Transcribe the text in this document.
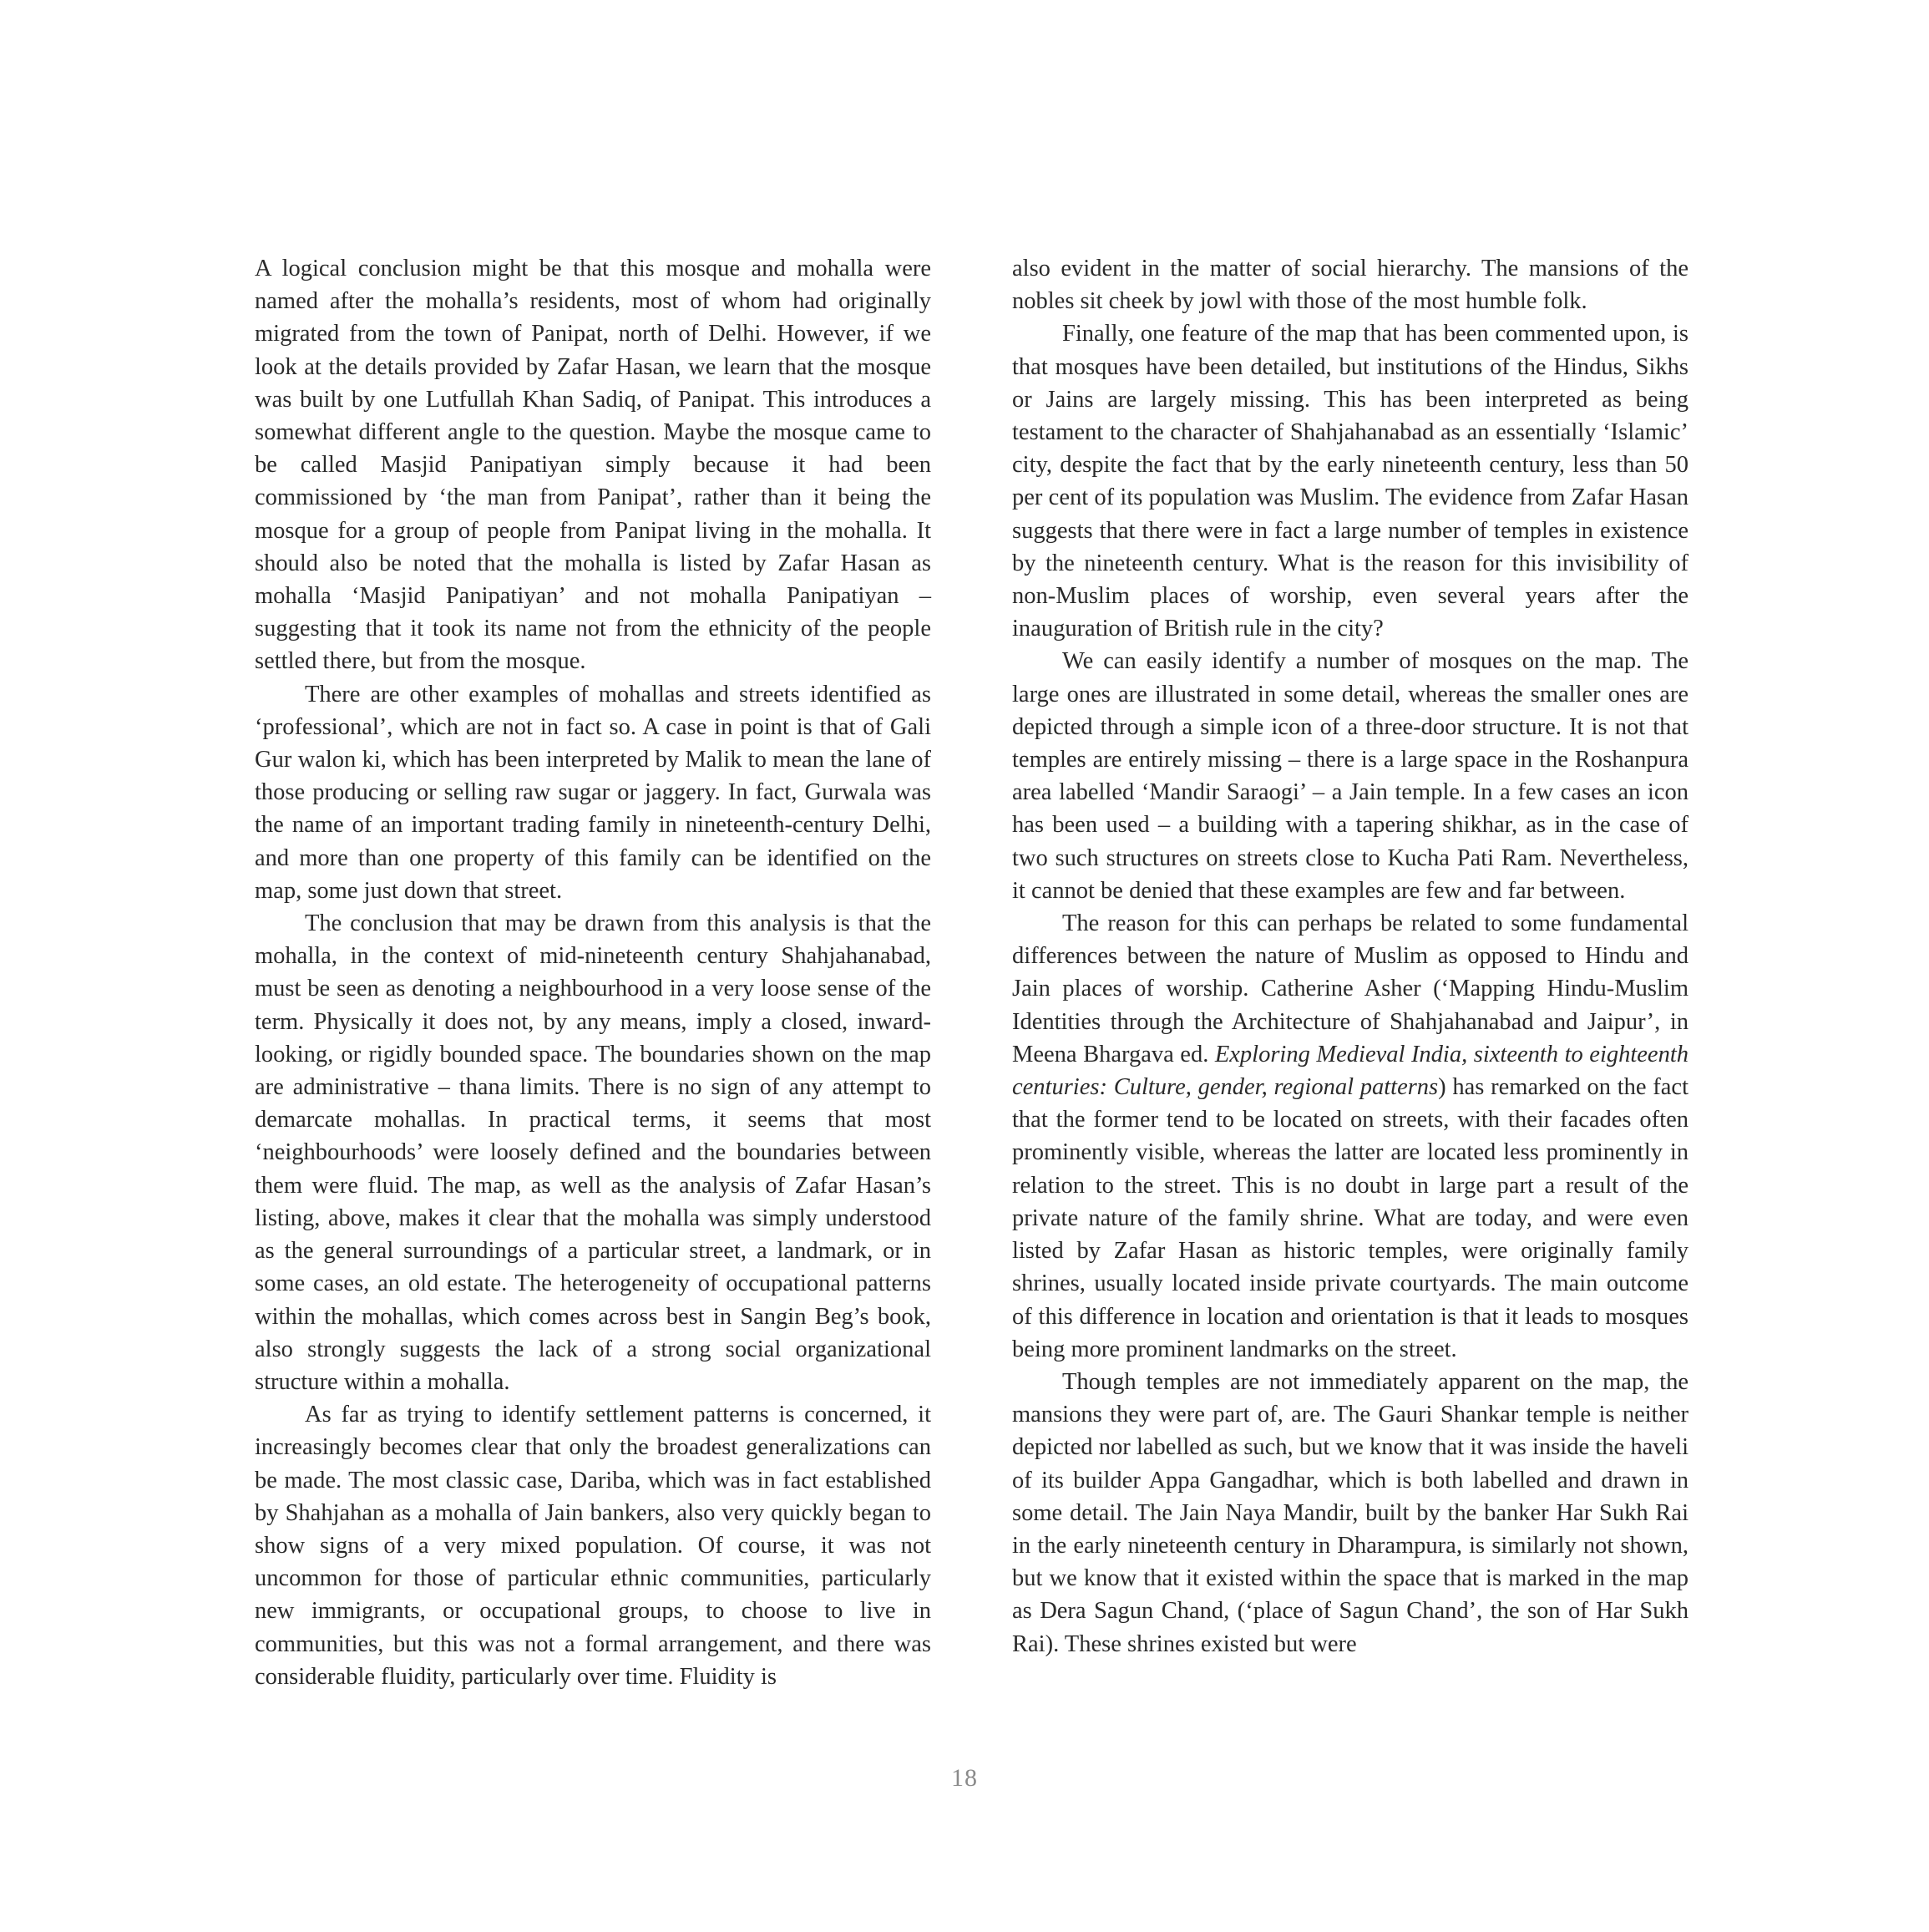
A logical conclusion might be that this mosque and mohalla were named after the mohalla’s residents, most of whom had originally migrated from the town of Panipat, north of Delhi. However, if we look at the details provided by Zafar Hasan, we learn that the mosque was built by one Lutfullah Khan Sadiq, of Panipat. This introduces a somewhat different angle to the question. Maybe the mosque came to be called Masjid Panipatiyan simply because it had been commissioned by ‘the man from Panipat’, rather than it being the mosque for a group of people from Panipat living in the mohalla. It should also be noted that the mohalla is listed by Zafar Hasan as mohalla ‘Masjid Panipatiyan’ and not mohalla Panipatiyan – suggesting that it took its name not from the ethnicity of the people settled there, but from the mosque.

There are other examples of mohallas and streets identified as ‘professional’, which are not in fact so. A case in point is that of Gali Gur walon ki, which has been interpreted by Malik to mean the lane of those producing or selling raw sugar or jaggery. In fact, Gurwala was the name of an important trading family in nineteenth-century Delhi, and more than one property of this family can be identified on the map, some just down that street.

The conclusion that may be drawn from this analysis is that the mohalla, in the context of mid-nineteenth century Shahjahanabad, must be seen as denoting a neighbourhood in a very loose sense of the term. Physically it does not, by any means, imply a closed, inward-looking, or rigidly bounded space. The boundaries shown on the map are administrative – thana limits. There is no sign of any attempt to demarcate mohallas. In practical terms, it seems that most ‘neighbourhoods’ were loosely defined and the boundaries between them were fluid. The map, as well as the analysis of Zafar Hasan’s listing, above, makes it clear that the mohalla was simply understood as the general surroundings of a particular street, a landmark, or in some cases, an old estate. The heterogeneity of occupational patterns within the mohallas, which comes across best in Sangin Beg’s book, also strongly suggests the lack of a strong social organizational structure within a mohalla.

As far as trying to identify settlement patterns is concerned, it increasingly becomes clear that only the broadest generalizations can be made. The most classic case, Dariba, which was in fact established by Shahjahan as a mohalla of Jain bankers, also very quickly began to show signs of a very mixed population. Of course, it was not uncommon for those of particular ethnic communities, particularly new immigrants, or occupational groups, to choose to live in communities, but this was not a formal arrangement, and there was considerable fluidity, particularly over time. Fluidity is

also evident in the matter of social hierarchy. The mansions of the nobles sit cheek by jowl with those of the most humble folk.

Finally, one feature of the map that has been commented upon, is that mosques have been detailed, but institutions of the Hindus, Sikhs or Jains are largely missing. This has been interpreted as being testament to the character of Shahjahanabad as an essentially ‘Islamic’ city, despite the fact that by the early nineteenth century, less than 50 per cent of its population was Muslim. The evidence from Zafar Hasan suggests that there were in fact a large number of temples in existence by the nineteenth century. What is the reason for this invisibility of non-Muslim places of worship, even several years after the inauguration of British rule in the city?

We can easily identify a number of mosques on the map. The large ones are illustrated in some detail, whereas the smaller ones are depicted through a simple icon of a three-door structure. It is not that temples are entirely missing – there is a large space in the Roshanpura area labelled ‘Mandir Saraogi’ – a Jain temple. In a few cases an icon has been used – a building with a tapering shikhar, as in the case of two such structures on streets close to Kucha Pati Ram. Nevertheless, it cannot be denied that these examples are few and far between.

The reason for this can perhaps be related to some fundamental differences between the nature of Muslim as opposed to Hindu and Jain places of worship. Catherine Asher (‘Mapping Hindu-Muslim Identities through the Architecture of Shahjahanabad and Jaipur’, in Meena Bhargava ed. Exploring Medieval India, sixteenth to eighteenth centuries: Culture, gender, regional patterns) has remarked on the fact that the former tend to be located on streets, with their facades often prominently visible, whereas the latter are located less prominently in relation to the street. This is no doubt in large part a result of the private nature of the family shrine. What are today, and were even listed by Zafar Hasan as historic temples, were originally family shrines, usually located inside private courtyards. The main outcome of this difference in location and orientation is that it leads to mosques being more prominent landmarks on the street.

Though temples are not immediately apparent on the map, the mansions they were part of, are. The Gauri Shankar temple is neither depicted nor labelled as such, but we know that it was inside the haveli of its builder Appa Gangadhar, which is both labelled and drawn in some detail. The Jain Naya Mandir, built by the banker Har Sukh Rai in the early nineteenth century in Dharampura, is similarly not shown, but we know that it existed within the space that is marked in the map as Dera Sagun Chand, (‘place of Sagun Chand’, the son of Har Sukh Rai). These shrines existed but were

18
